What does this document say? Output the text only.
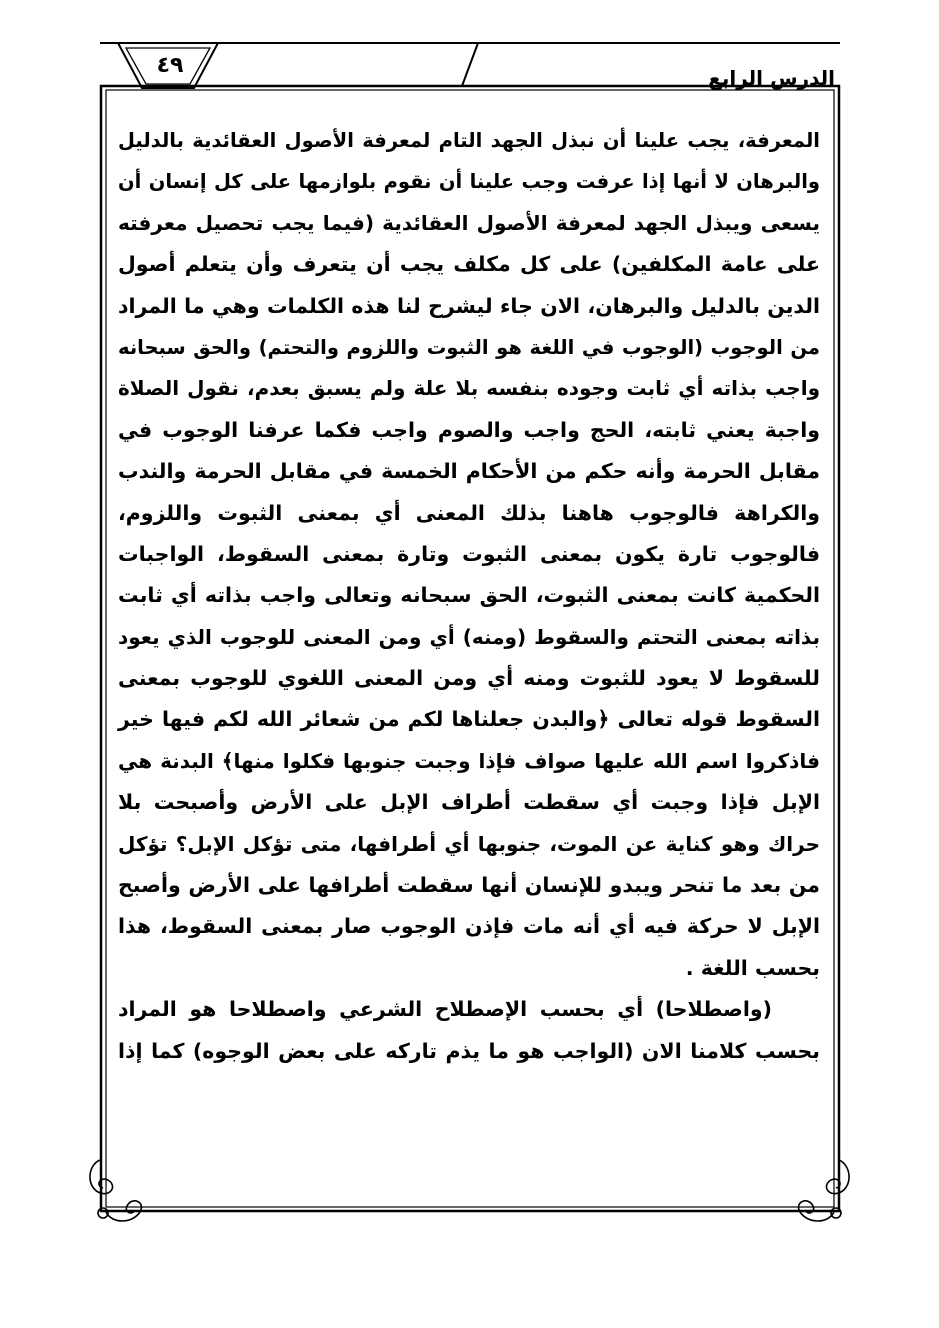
٤٩	الدرس الرابع
المعرفة، يجب علينا أن نبذل الجهد التام لمعرفة الأصول العقائدية بالدليل
والبرهان لا أنها إذا عرفت وجب علينا أن نقوم بلوازمها على كل إنسان أن
يسعى ويبذل الجهد لمعرفة الأصول العقائدية (فيما يجب تحصيل معرفته
على عامة المكلفين) على كل مكلف يجب أن يتعرف وأن يتعلم أصول
الدين بالدليل والبرهان، الان جاء ليشرح لنا هذه الكلمات وهي ما المراد
من الوجوب (الوجوب في اللغة هو الثبوت واللزوم والتحتم) والحق سبحانه
واجب بذاته أي ثابت وجوده بنفسه بلا علة ولم يسبق بعدم، نقول الصلاة
واجبة يعني ثابته، الحج واجب والصوم واجب فكما عرفنا الوجوب في
مقابل الحرمة وأنه حكم من الأحكام الخمسة في مقابل الحرمة والندب
والكراهة فالوجوب هاهنا بذلك المعنى أي بمعنى الثبوت واللزوم،
فالوجوب تارة يكون بمعنى الثبوت وتارة بمعنى السقوط، الواجبات
الحكمية كانت بمعنى الثبوت، الحق سبحانه وتعالى واجب بذاته أي ثابت
بذاته بمعنى التحتم والسقوط (ومنه) أي ومن المعنى للوجوب الذي يعود
للسقوط لا يعود للثبوت ومنه أي ومن المعنى اللغوي للوجوب بمعنى
السقوط قوله تعالى ﴿والبدن جعلناها لكم من شعائر الله لكم فيها خير
فاذكروا اسم الله عليها صواف فإذا وجبت جنوبها فكلوا منها﴾ البدنة هي
الإبل فإذا وجبت أي سقطت أطراف الإبل على الأرض وأصبحت بلا
حراك وهو كناية عن الموت، جنوبها أي أطرافها، متى تؤكل الإبل؟ تؤكل
من بعد ما تنحر ويبدو للإنسان أنها سقطت أطرافها على الأرض وأصبح
الإبل لا حركة فيه أي أنه مات فإذن الوجوب صار بمعنى السقوط، هذا
بحسب اللغة .
(واصطلاحا) أي بحسب الإصطلاح الشرعي واصطلاحا هو المراد
بحسب كلامنا الان (الواجب هو ما يذم تاركه على بعض الوجوه) كما إذا
